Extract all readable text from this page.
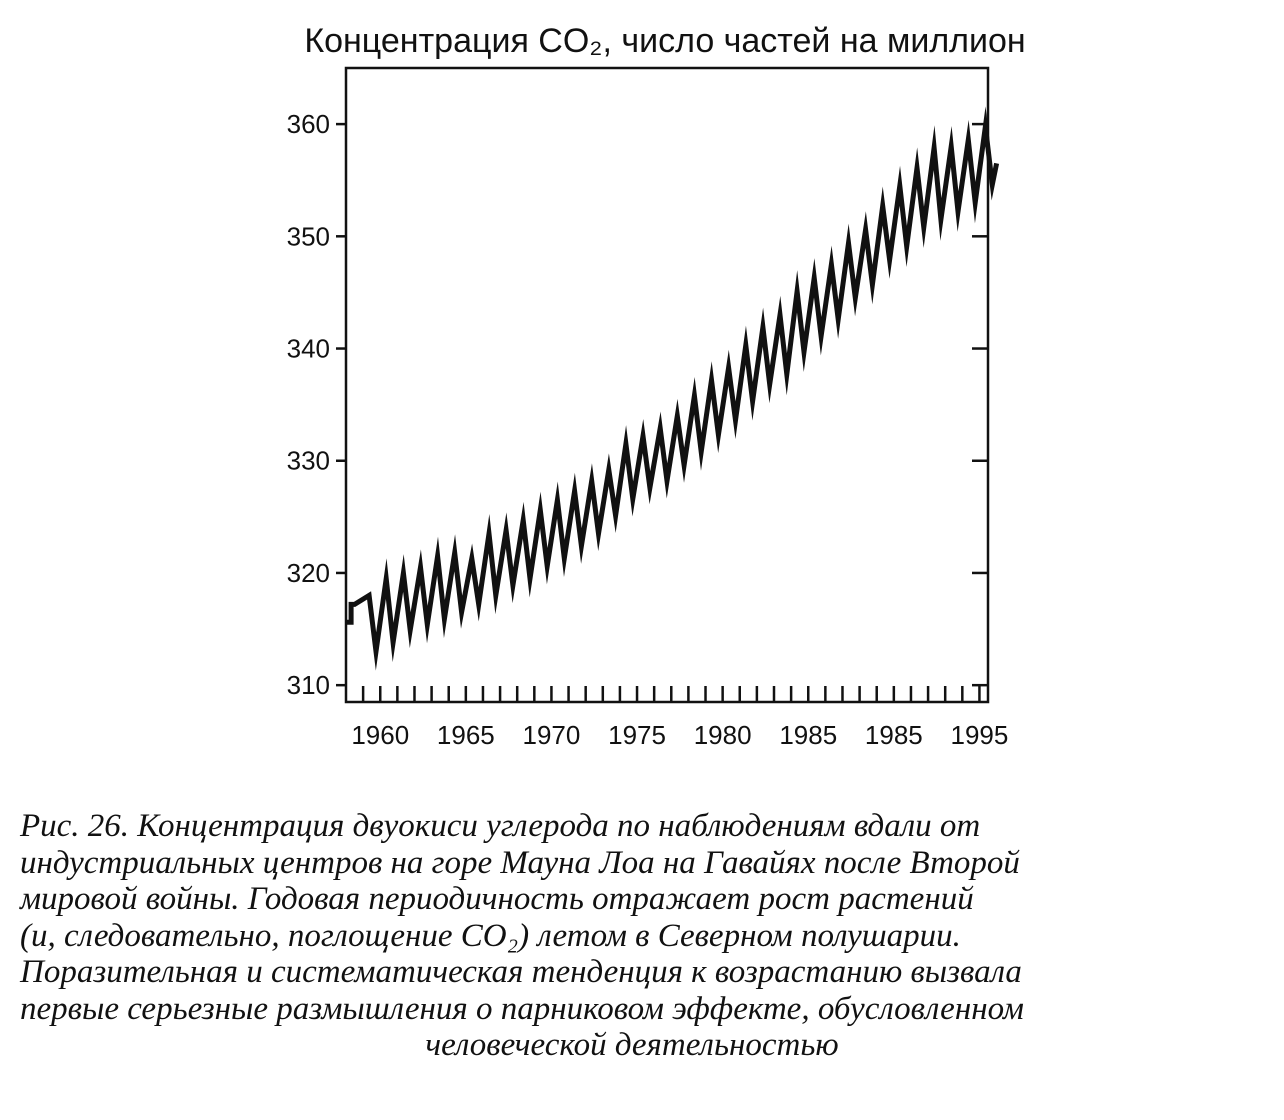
Концентрация CO₂, число частей на миллион
310
320
330
340
350
360
1960 1965 1970 1975 1980 1985 1985 1995
Рис. 26. Концентрация двуокиси углерода по наблюдениям вдали от
индустриальных центров на горе Мауна Лоа на Гавайях после Второй
мировой войны. Годовая периодичность отражает рост растений
(и, следовательно, поглощение CO₂) летом в Северном полушарии.
Поразительная и систематическая тенденция к возрастанию вызвала
первые серьезные размышления о парниковом эффекте, обусловленном
человеческой деятельностью
